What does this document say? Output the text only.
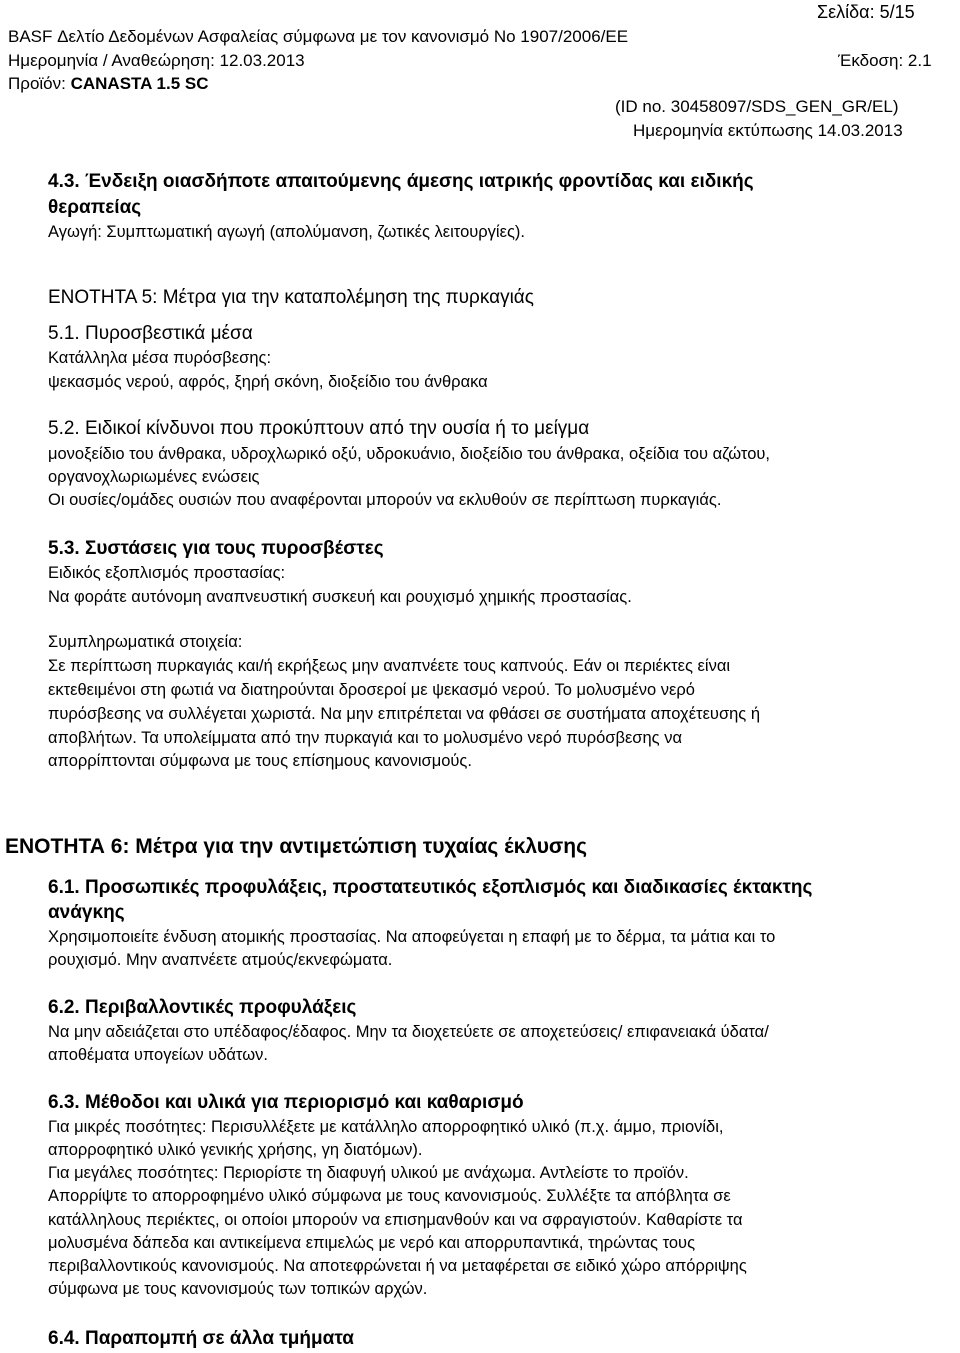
Σελίδα: 5/15
BASF Δελτίο Δεδομένων Ασφαλείας σύμφωνα με τον κανονισμό Νο 1907/2006/ΕΕ
Ημερομηνία / Αναθεώρηση: 12.03.2013	Έκδοση: 2.1
Προϊόν: CANASTA 1.5 SC
(ID no. 30458097/SDS_GEN_GR/EL)
Ημερομηνία εκτύπωσης 14.03.2013
4.3. Ένδειξη οιασδήποτε απαιτούμενης άμεσης ιατρικής φροντίδας και ειδικής
θεραπείας
Αγωγή: Συμπτωματική αγωγή (απολύμανση, ζωτικές λειτουργίες).
ΕΝΟΤΗΤΑ 5: Μέτρα για την καταπολέμηση της πυρκαγιάς
5.1. Πυροσβεστικά μέσα
Κατάλληλα μέσα πυρόσβεσης:
ψεκασμός νερού, αφρός, ξηρή σκόνη, διοξείδιο του άνθρακα
5.2. Ειδικοί κίνδυνοι που προκύπτουν από την ουσία ή το μείγμα
μονοξείδιο του άνθρακα, υδροχλωρικό οξύ, υδροκυάνιο, διοξείδιο του άνθρακα, οξείδια του αζώτου,
οργανοχλωριωμένες ενώσεις
Οι ουσίες/ομάδες ουσιών που αναφέρονται μπορούν να εκλυθούν σε περίπτωση πυρκαγιάς.
5.3. Συστάσεις για τους πυροσβέστες
Ειδικός εξοπλισμός προστασίας:
Να φοράτε αυτόνομη αναπνευστική συσκευή και ρουχισμό χημικής προστασίας.
Συμπληρωματικά στοιχεία:
Σε περίπτωση πυρκαγιάς και/ή εκρήξεως μην αναπνέετε τους καπνούς. Εάν οι περιέκτες είναι
εκτεθειμένοι στη φωτιά να διατηρούνται δροσεροί με ψεκασμό νερού. Το μολυσμένο νερό
πυρόσβεσης να συλλέγεται χωριστά. Να μην επιτρέπεται να φθάσει σε συστήματα αποχέτευσης ή
αποβλήτων. Τα υπολείμματα από την πυρκαγιά και το μολυσμένο νερό πυρόσβεσης να
απορρίπτονται σύμφωνα με τους επίσημους κανονισμούς.
ΕΝΟΤΗΤΑ 6: Μέτρα για την αντιμετώπιση τυχαίας έκλυσης
6.1. Προσωπικές προφυλάξεις, προστατευτικός εξοπλισμός και διαδικασίες έκτακτης
ανάγκης
Χρησιμοποιείτε ένδυση ατομικής προστασίας. Να αποφεύγεται η επαφή με το δέρμα, τα μάτια και το
ρουχισμό. Μην αναπνέετε ατμούς/εκνεφώματα.
6.2. Περιβαλλοντικές προφυλάξεις
Να μην αδειάζεται στο υπέδαφος/έδαφος. Μην τα διοχετεύετε σε αποχετεύσεις/ επιφανειακά ύδατα/
αποθέματα υπογείων υδάτων.
6.3. Μέθοδοι και υλικά για περιορισμό και καθαρισμό
Για μικρές ποσότητες: Περισυλλέξετε με κατάλληλο απορροφητικό υλικό (π.χ. άμμο, πριονίδι,
απορροφητικό υλικό γενικής χρήσης, γη διατόμων).
Για μεγάλες ποσότητες: Περιορίστε τη διαφυγή υλικού με ανάχωμα. Αντλείστε το προϊόν.
Απορρίψτε το απορροφημένο υλικό σύμφωνα με τους κανονισμούς. Συλλέξτε τα απόβλητα σε
κατάλληλους περιέκτες, οι οποίοι μπορούν να επισημανθούν και να σφραγιστούν. Καθαρίστε τα
μολυσμένα δάπεδα και αντικείμενα επιμελώς με νερό και απορρυπαντικά, τηρώντας τους
περιβαλλοντικούς κανονισμούς. Να αποτεφρώνεται ή να μεταφέρεται σε ειδικό χώρο απόρριψης
σύμφωνα με τους κανονισμούς των τοπικών αρχών.
6.4. Παραπομπή σε άλλα τμήματα
